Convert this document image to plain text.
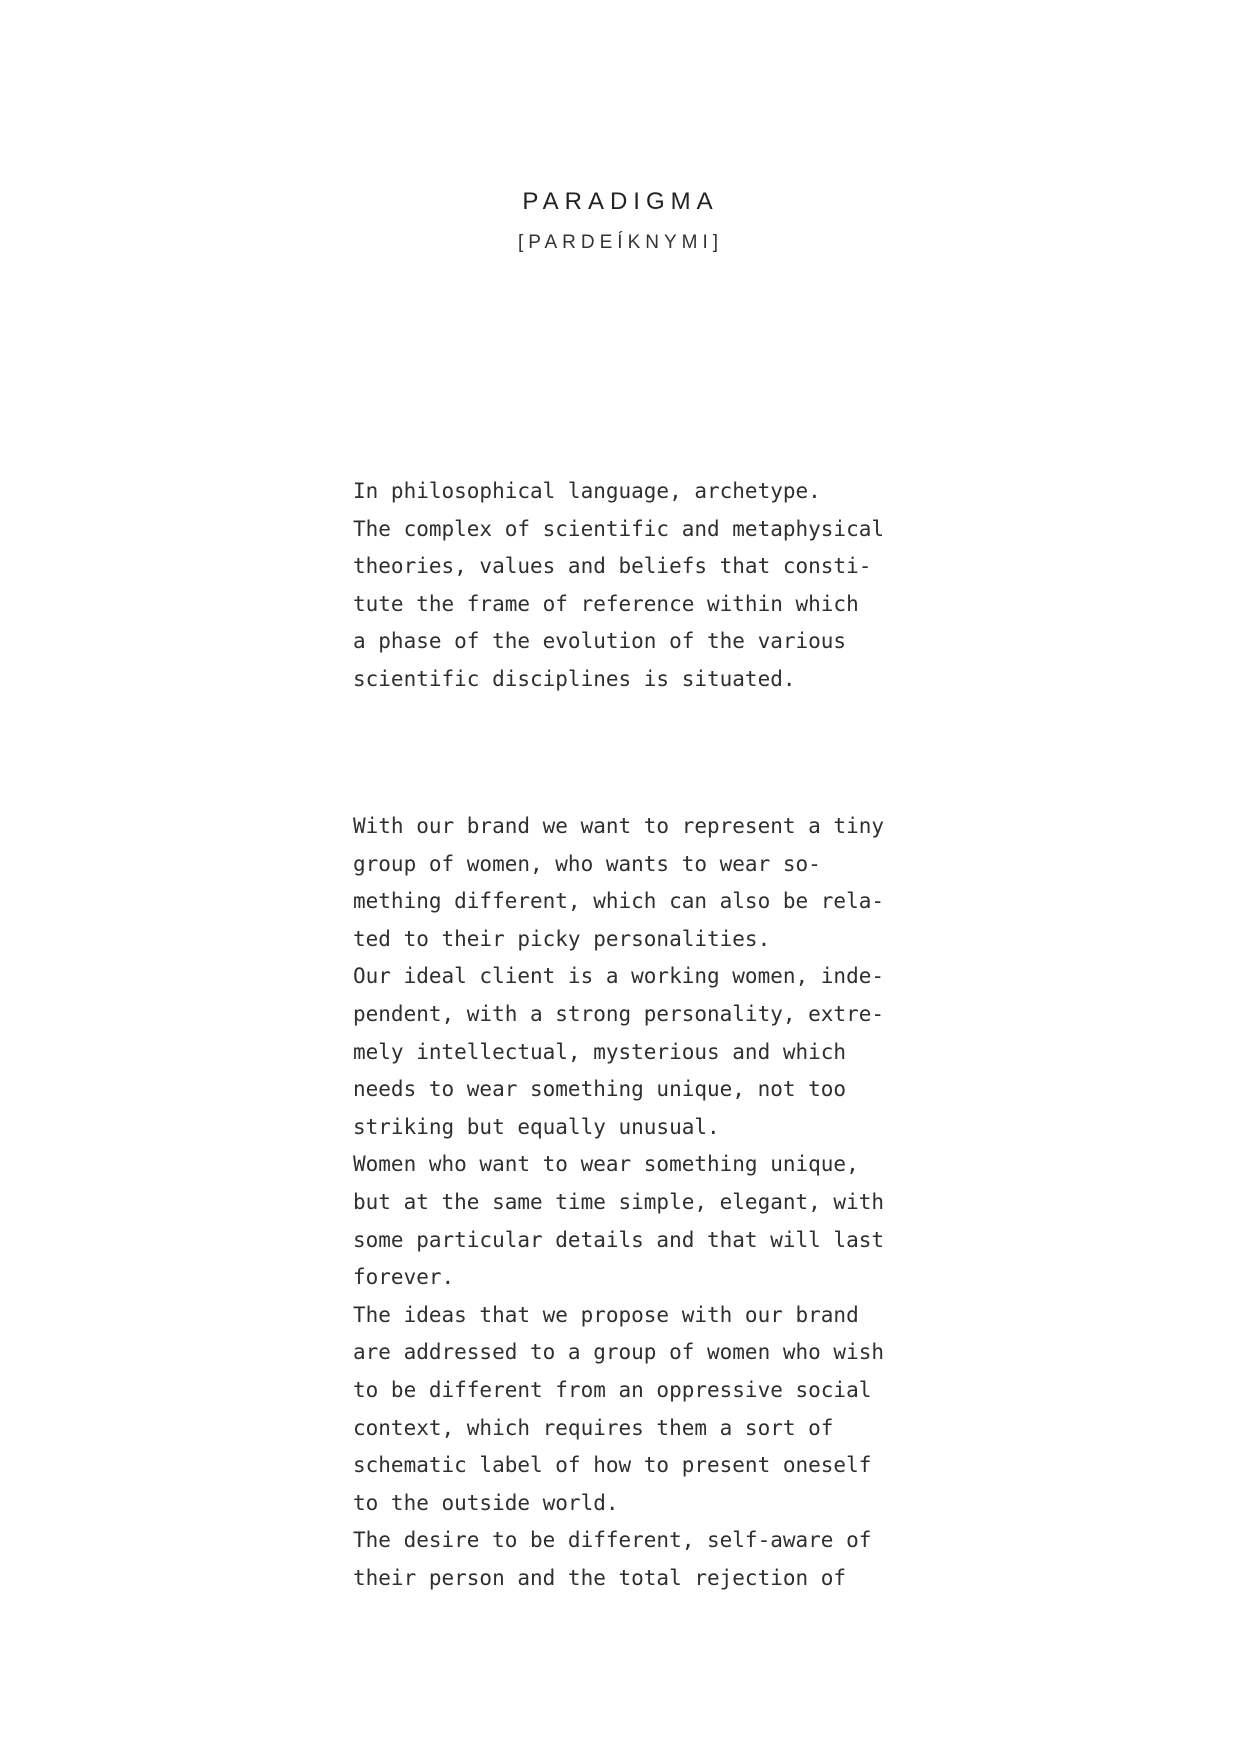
PARADIGMA
[PARDEÍKNYMI]
In philosophical language, archetype.
The complex of scientific and metaphysical
theories, values and beliefs that consti-
tute the frame of reference within which
a phase of the evolution of the various
scientific disciplines is situated.
With our brand we want to represent a tiny
group of women, who wants to wear so-
mething different, which can also be rela-
ted to their picky personalities.
Our ideal client is a working women, inde-
pendent, with a strong personality, extre-
mely intellectual, mysterious and which
needs to wear something unique, not too
striking but equally unusual.
Women who want to wear something unique,
but at the same time simple, elegant, with
some particular details and that will last
forever.
The ideas that we propose with our brand
are addressed to a group of women who wish
to be different from an oppressive social
context, which requires them a sort of
schematic label of how to present oneself
to the outside world.
The desire to be different, self-aware of
their person and the total rejection of
